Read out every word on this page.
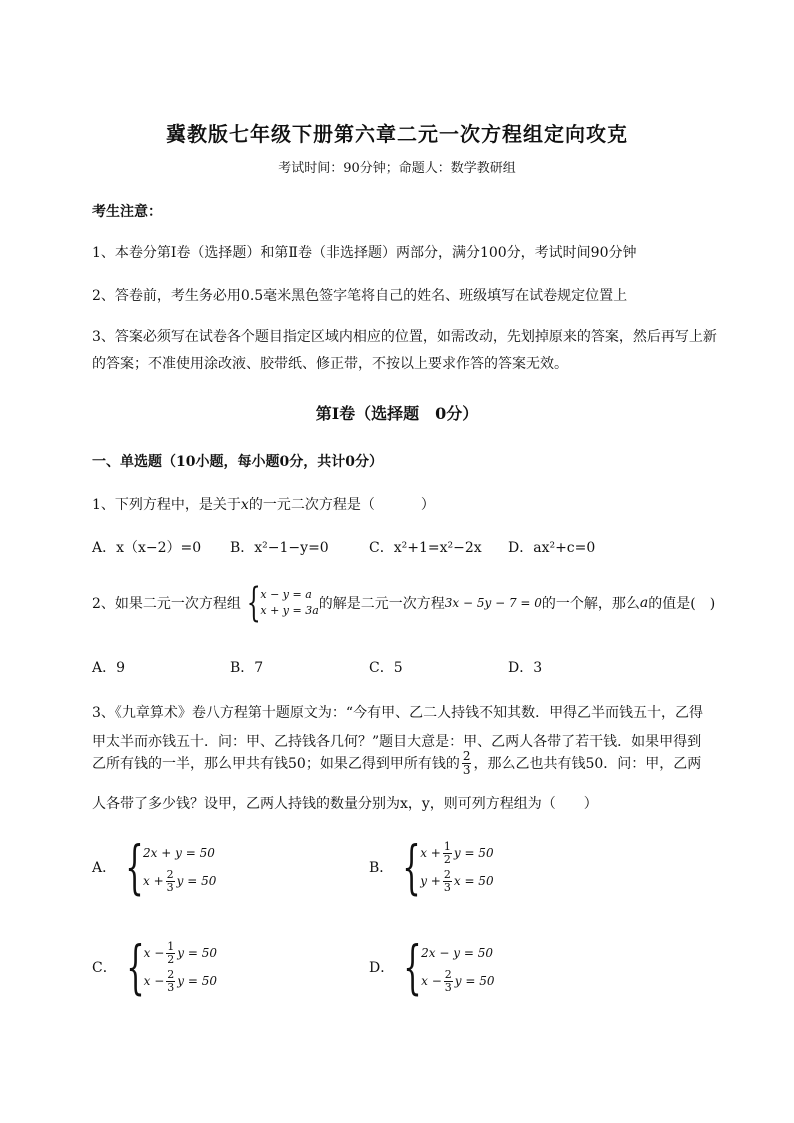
冀教版七年级下册第六章二元一次方程组定向攻克
考试时间：90分钟；命题人：数学教研组
考生注意：
1、本卷分第Ⅰ卷（选择题）和第Ⅱ卷（非选择题）两部分，满分100分，考试时间90分钟
2、答卷前，考生务必用0.5毫米黑色签字笔将自己的姓名、班级填写在试卷规定位置上
3、答案必须写在试卷各个题目指定区域内相应的位置，如需改动，先划掉原来的答案，然后再写上新
的答案；不准使用涂改液、胶带纸、修正带，不按以上要求作答的答案无效。
第Ⅰ卷（选择题　0分）
一、单选题（10小题，每小题0分，共计0分）
1、下列方程中，是关于x的一元二次方程是（	）
A．x（x−2）=0 B．x²−1−y=0	C．x²+1=x²−2x D．ax²+c=0
2、如果二元一次方程组 { x − y = a
x + y = 3a 的解是二元一次方程 3x − 5y − 7 = 0 的一个解，那么 a 的值是(　)
A．9	B．7	C．5	D．3
3、《九章算术》卷八方程第十题原文为：“今有甲、乙二人持钱不知其数．甲得乙半而钱五十，乙得
甲太半而亦钱五十．问：甲、乙持钱各几何？”题目大意是：甲、乙两人各带了若干钱．如果甲得到
乙所有钱的一半，那么甲共有钱50；如果乙得到甲所有钱的 $\frac{2}{3}$ ，那么乙也共有钱50．问：甲，乙两
人各带了多少钱？设甲，乙两人持钱的数量分别为x，y，则可列方程组为（　　）
A． { 2x + y = 50
$x + \frac{2}{3}$ y = 50
B． { $x + \frac{1}{2}$ y = 50
$y + \frac{2}{3}$ x = 50
C． { $x - \frac{1}{2}$ y = 50
$x - \frac{2}{3}$ y = 50
D． { 2x − y = 50
$x - \frac{2}{3}$ y = 50
